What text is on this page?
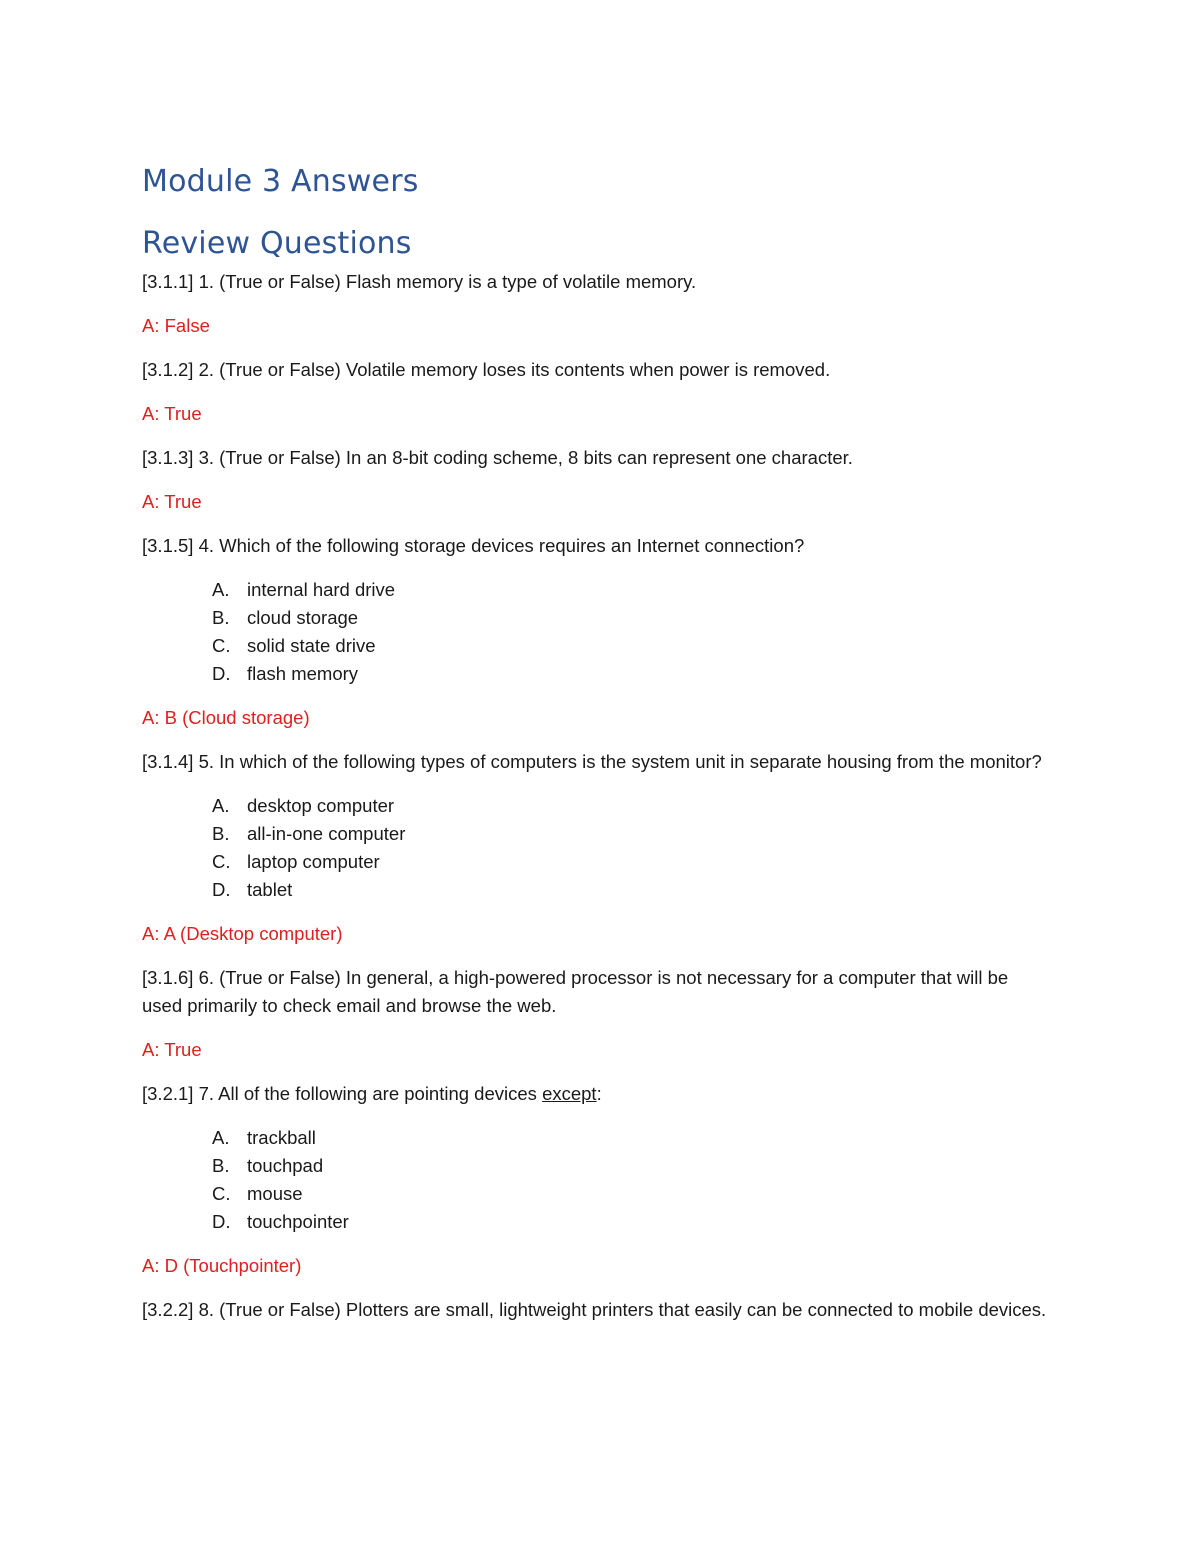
Module 3 Answers
Review Questions

[3.1.1] 1. (True or False) Flash memory is a type of volatile memory.

A: False

[3.1.2] 2. (True or False) Volatile memory loses its contents when power is removed.

A: True

[3.1.3] 3. (True or False) In an 8-bit coding scheme, 8 bits can represent one character.

A: True

[3.1.5] 4. Which of the following storage devices requires an Internet connection?

A. internal hard drive
B. cloud storage
C. solid state drive
D. flash memory

A: B (Cloud storage)

[3.1.4] 5. In which of the following types of computers is the system unit in separate housing from the monitor?

A. desktop computer
B. all-in-one computer
C. laptop computer
D. tablet

A: A (Desktop computer)

[3.1.6] 6. (True or False) In general, a high-powered processor is not necessary for a computer that will be used primarily to check email and browse the web.

A: True

[3.2.1] 7. All of the following are pointing devices except:

A. trackball
B. touchpad
C. mouse
D. touchpointer

A: D (Touchpointer)

[3.2.2] 8. (True or False) Plotters are small, lightweight printers that easily can be connected to mobile devices.
